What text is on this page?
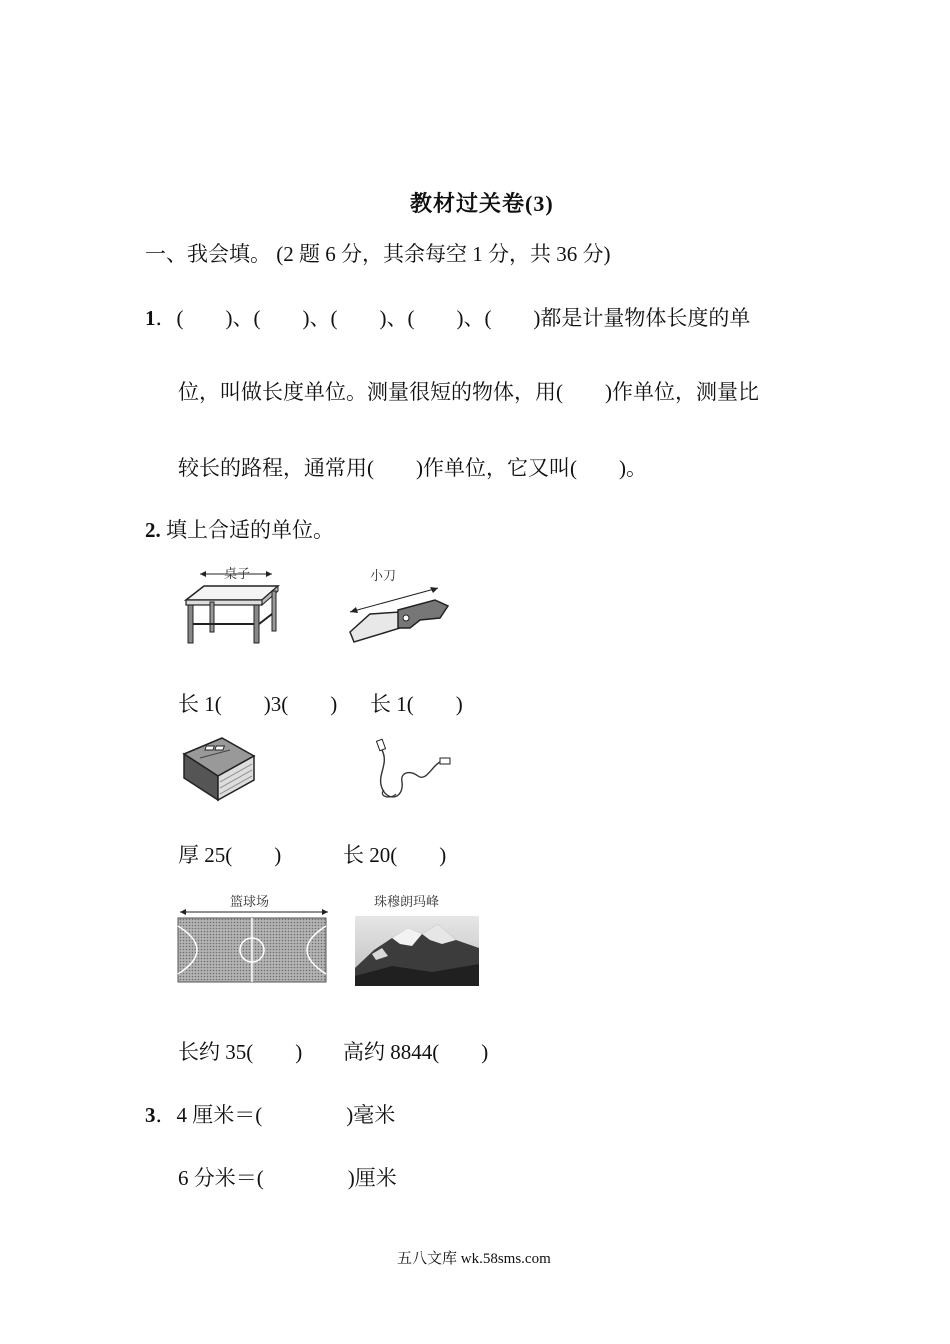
教材过关卷(3)
一、我会填。 (2 题 6 分，其余每空 1 分，共 36 分)
1．(　　)、(　　)、(　　)、(　　)、(　　)都是计量物体长度的单
位，叫做长度单位。测量很短的物体，用(　　)作单位，测量比
较长的路程，通常用(　　)作单位，它又叫(　　)。
2. 填上合适的单位。
桌子	小刀
长 1(　　)3(　　) 长 1(　　)
厚 25(　　)	长 20(　　)
篮球场	珠穆朗玛峰
长约 35(　　) 高约 8844(　　)
3．4 厘米＝(　　　　)毫米
6 分米＝(　　　　)厘米
五八文库 wk.58sms.com
